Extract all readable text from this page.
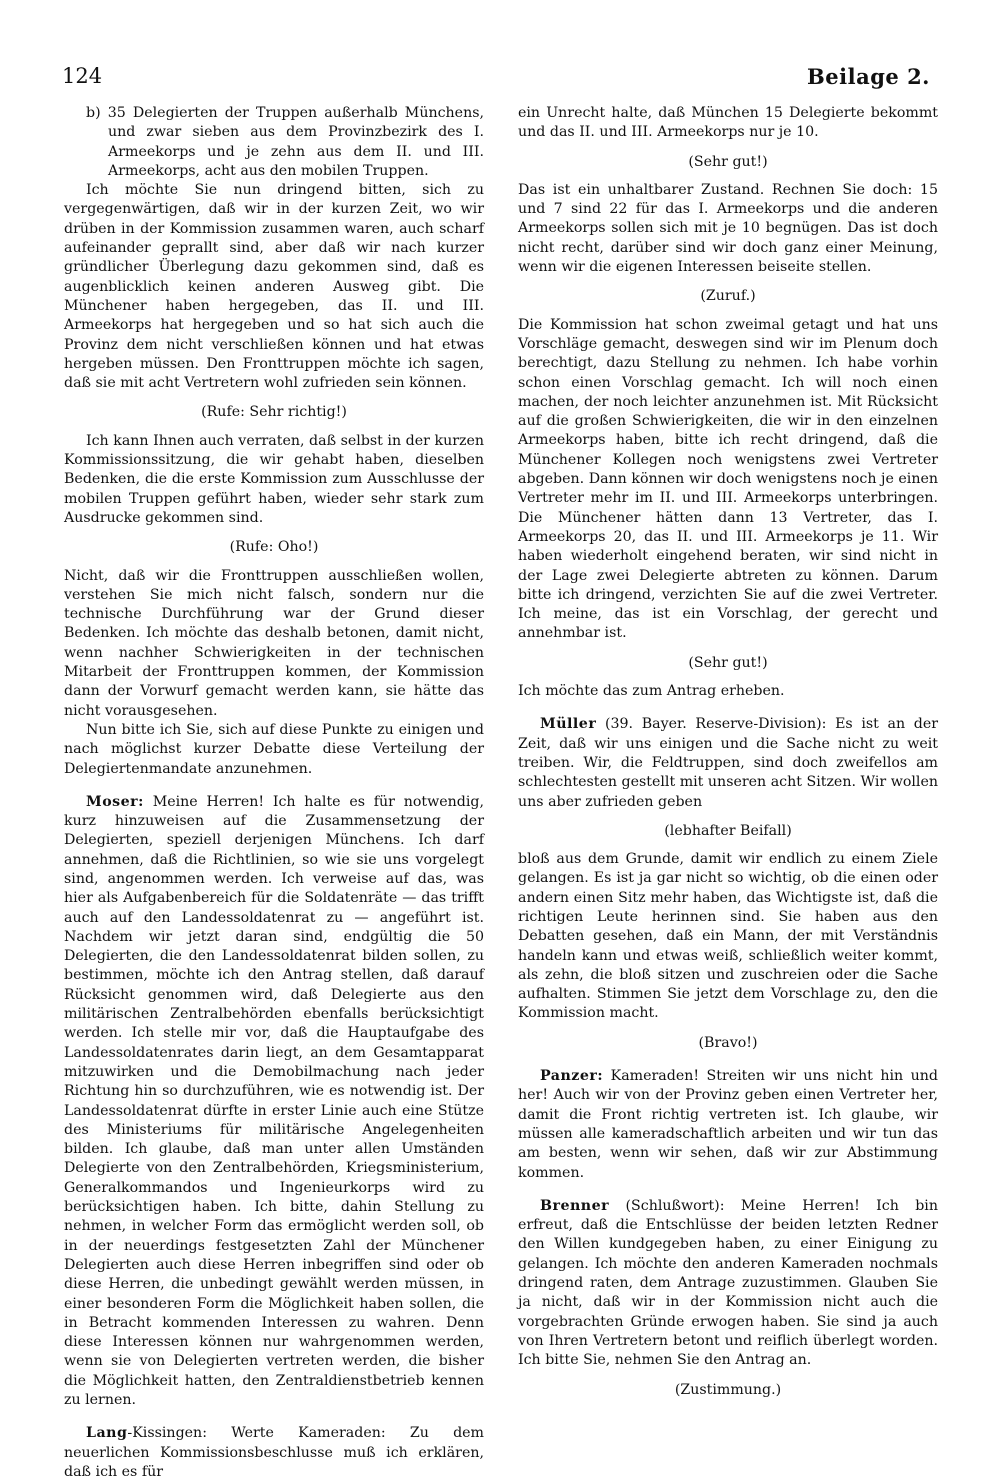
124	Beilage 2.

b) 35 Delegierten der Truppen außerhalb Münchens, und zwar sieben aus dem Provinzbezirk des I. Armeekorps und je zehn aus dem II. und III. Armeekorps, acht aus den mobilen Truppen.

Ich möchte Sie nun dringend bitten, sich zu vergegenwärtigen, daß wir in der kurzen Zeit, wo wir drüben in der Kommission zusammen waren, auch scharf aufeinander geprallt sind, aber daß wir nach kurzer gründlicher Überlegung dazu gekommen sind, daß es augenblicklich keinen anderen Ausweg gibt. Die Münchener haben hergegeben, das II. und III. Armeekorps hat hergegeben und so hat sich auch die Provinz dem nicht verschließen können und hat etwas hergeben müssen. Den Fronttruppen möchte ich sagen, daß sie mit acht Vertretern wohl zufrieden sein können.

(Rufe: Sehr richtig!)

Ich kann Ihnen auch verraten, daß selbst in der kurzen Kommissionssitzung, die wir gehabt haben, dieselben Bedenken, die die erste Kommission zum Ausschlusse der mobilen Truppen geführt haben, wieder sehr stark zum Ausdrucke gekommen sind.

(Rufe: Oho!)

Nicht, daß wir die Fronttruppen ausschließen wollen, verstehen Sie mich nicht falsch, sondern nur die technische Durchführung war der Grund dieser Bedenken. Ich möchte das deshalb betonen, damit nicht, wenn nachher Schwierigkeiten in der technischen Mitarbeit der Fronttruppen kommen, der Kommission dann der Vorwurf gemacht werden kann, sie hätte das nicht vorausgesehen.

Nun bitte ich Sie, sich auf diese Punkte zu einigen und nach möglichst kurzer Debatte diese Verteilung der Delegiertenmandate anzunehmen.

Moser: Meine Herren! Ich halte es für notwendig, kurz hinzuweisen auf die Zusammensetzung der Delegierten, speziell derjenigen Münchens. Ich darf annehmen, daß die Richtlinien, so wie sie uns vorgelegt sind, angenommen werden. Ich verweise auf das, was hier als Aufgabenbereich für die Soldatenräte — das trifft auch auf den Landessoldatenrat zu — angeführt ist. Nachdem wir jetzt daran sind, endgültig die 50 Delegierten, die den Landessoldatenrat bilden sollen, zu bestimmen, möchte ich den Antrag stellen, daß darauf Rücksicht genommen wird, daß Delegierte aus den militärischen Zentralbehörden ebenfalls berücksichtigt werden. Ich stelle mir vor, daß die Hauptaufgabe des Landessoldatenrates darin liegt, an dem Gesamtapparat mitzuwirken und die Demobilmachung nach jeder Richtung hin so durchzuführen, wie es notwendig ist. Der Landessoldatenrat dürfte in erster Linie auch eine Stütze des Ministeriums für militärische Angelegenheiten bilden. Ich glaube, daß man unter allen Umständen Delegierte von den Zentralbehörden, Kriegsministerium, Generalkommandos und Ingenieurkorps wird zu berücksichtigen haben. Ich bitte, dahin Stellung zu nehmen, in welcher Form das ermöglicht werden soll, ob in der neuerdings festgesetzten Zahl der Münchener Delegierten auch diese Herren inbegriffen sind oder ob diese Herren, die unbedingt gewählt werden müssen, in einer besonderen Form die Möglichkeit haben sollen, die in Betracht kommenden Interessen zu wahren. Denn diese Interessen können nur wahrgenommen werden, wenn sie von Delegierten vertreten werden, die bisher die Möglichkeit hatten, den Zentraldienstbetrieb kennen zu lernen.

Lang-Kissingen: Werte Kameraden: Zu dem neuerlichen Kommissionsbeschlusse muß ich erklären, daß ich es für

ein Unrecht halte, daß München 15 Delegierte bekommt und das II. und III. Armeekorps nur je 10.

(Sehr gut!)

Das ist ein unhaltbarer Zustand. Rechnen Sie doch: 15 und 7 sind 22 für das I. Armeekorps und die anderen Armeekorps sollen sich mit je 10 begnügen. Das ist doch nicht recht, darüber sind wir doch ganz einer Meinung, wenn wir die eigenen Interessen beiseite stellen.

(Zuruf.)

Die Kommission hat schon zweimal getagt und hat uns Vorschläge gemacht, deswegen sind wir im Plenum doch berechtigt, dazu Stellung zu nehmen. Ich habe vorhin schon einen Vorschlag gemacht. Ich will noch einen machen, der noch leichter anzunehmen ist. Mit Rücksicht auf die großen Schwierigkeiten, die wir in den einzelnen Armeekorps haben, bitte ich recht dringend, daß die Münchener Kollegen noch wenigstens zwei Vertreter abgeben. Dann können wir doch wenigstens noch je einen Vertreter mehr im II. und III. Armeekorps unterbringen. Die Münchener hätten dann 13 Vertreter, das I. Armeekorps 20, das II. und III. Armeekorps je 11. Wir haben wiederholt eingehend beraten, wir sind nicht in der Lage zwei Delegierte abtreten zu können. Darum bitte ich dringend, verzichten Sie auf die zwei Vertreter. Ich meine, das ist ein Vorschlag, der gerecht und annehmbar ist.

(Sehr gut!)

Ich möchte das zum Antrag erheben.

Müller (39. Bayer. Reserve-Division): Es ist an der Zeit, daß wir uns einigen und die Sache nicht zu weit treiben. Wir, die Feldtruppen, sind doch zweifellos am schlechtesten gestellt mit unseren acht Sitzen. Wir wollen uns aber zufrieden geben

(lebhafter Beifall)

bloß aus dem Grunde, damit wir endlich zu einem Ziele gelangen. Es ist ja gar nicht so wichtig, ob die einen oder andern einen Sitz mehr haben, das Wichtigste ist, daß die richtigen Leute herinnen sind. Sie haben aus den Debatten gesehen, daß ein Mann, der mit Verständnis handeln kann und etwas weiß, schließlich weiter kommt, als zehn, die bloß sitzen und zuschreien oder die Sache aufhalten. Stimmen Sie jetzt dem Vorschlage zu, den die Kommission macht.

(Bravo!)

Panzer: Kameraden! Streiten wir uns nicht hin und her! Auch wir von der Provinz geben einen Vertreter her, damit die Front richtig vertreten ist. Ich glaube, wir müssen alle kameradschaftlich arbeiten und wir tun das am besten, wenn wir sehen, daß wir zur Abstimmung kommen.

Brenner (Schlußwort): Meine Herren! Ich bin erfreut, daß die Entschlüsse der beiden letzten Redner den Willen kundgegeben haben, zu einer Einigung zu gelangen. Ich möchte den anderen Kameraden nochmals dringend raten, dem Antrage zuzustimmen. Glauben Sie ja nicht, daß wir in der Kommission nicht auch die vorgebrachten Gründe erwogen haben. Sie sind ja auch von Ihren Vertretern betont und reiflich überlegt worden. Ich bitte Sie, nehmen Sie den Antrag an.

(Zustimmung.)
